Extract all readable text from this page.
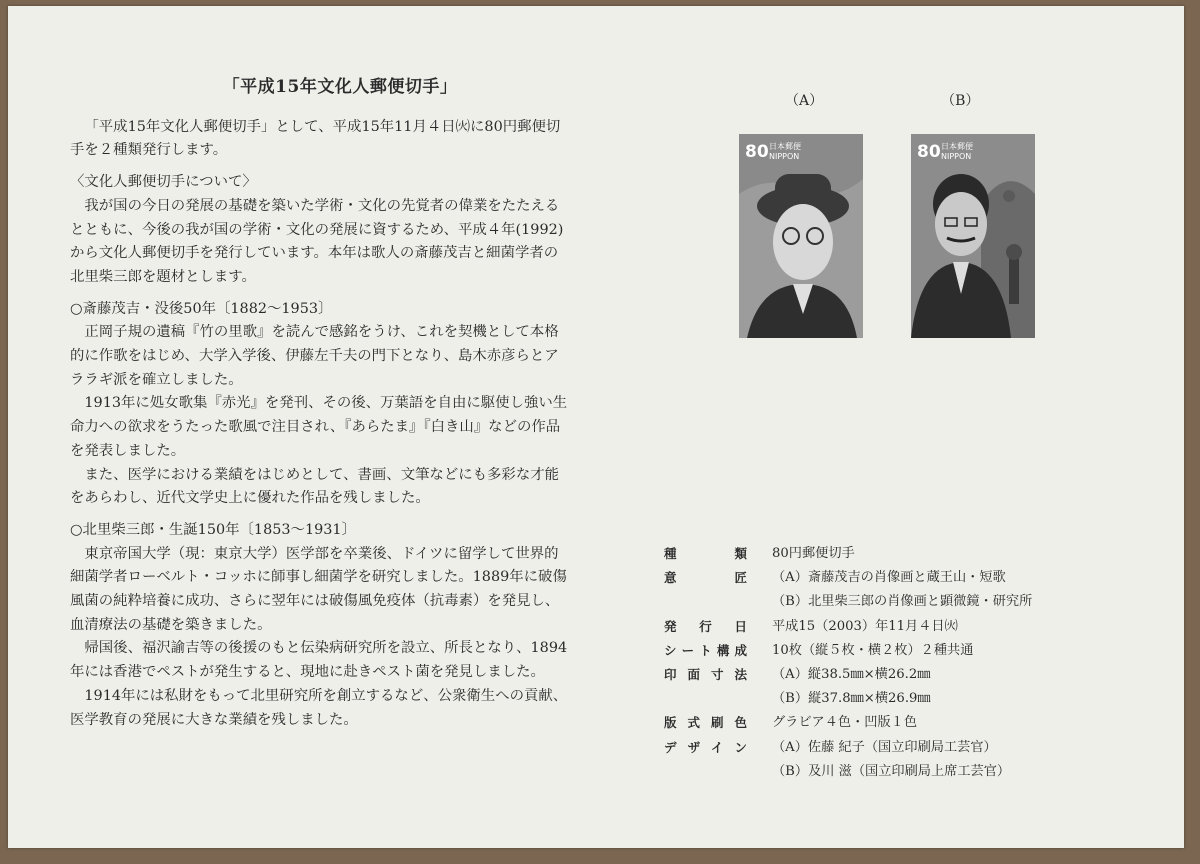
「平成15年文化人郵便切手」

「平成15年文化人郵便切手」として、平成15年11月４日㈫に80円郵便切手を２種類発行します。

〈文化人郵便切手について〉

我が国の今日の発展の基礎を築いた学術・文化の先覚者の偉業をたたえるとともに、今後の我が国の学術・文化の発展に資するため、平成４年(1992)から文化人郵便切手を発行しています。本年は歌人の斎藤茂吉と細菌学者の北里柴三郎を題材とします。

○斎藤茂吉・没後50年〔1882～1953〕

正岡子規の遺稿『竹の里歌』を読んで感銘をうけ、これを契機として本格的に作歌をはじめ、大学入学後、伊藤左千夫の門下となり、島木赤彦らとアララギ派を確立しました。

1913年に処女歌集『赤光』を発刊、その後、万葉語を自由に駆使し強い生命力への欲求をうたった歌風で注目され、『あらたま』『白き山』などの作品を発表しました。

また、医学における業績をはじめとして、書画、文筆などにも多彩な才能をあらわし、近代文学史上に優れた作品を残しました。

○北里柴三郎・生誕150年〔1853～1931〕

東京帝国大学（現：東京大学）医学部を卒業後、ドイツに留学して世界的細菌学者ローベルト・コッホに師事し細菌学を研究しました。1889年に破傷風菌の純粋培養に成功、さらに翌年には破傷風免疫体（抗毒素）を発見し、血清療法の基礎を築きました。

帰国後、福沢諭吉等の後援のもと伝染病研究所を設立、所長となり、1894年には香港でペストが発生すると、現地に赴きペスト菌を発見しました。

1914年には私財をもって北里研究所を創立するなど、公衆衛生への貢献、医学教育の発展に大きな業績を残しました。

（A）	（B）
80 日本郵便
NIPPON	80 日本郵便
NIPPON
種類 80円郵便切手
意匠 （A）斎藤茂吉の肖像画と蔵王山・短歌
（B）北里柴三郎の肖像画と顕微鏡・研究所
発行日 平成15（2003）年11月４日㈫
シート構成 10枚（縦５枚・横２枚）２種共通
印面寸法 （A）縦38.5㎜×横26.2㎜
（B）縦37.8㎜×横26.9㎜
版式刷色 グラビア４色・凹版１色
デザイン （A）佐藤 紀子（国立印刷局工芸官）
（B）及川 滋（国立印刷局上席工芸官）
